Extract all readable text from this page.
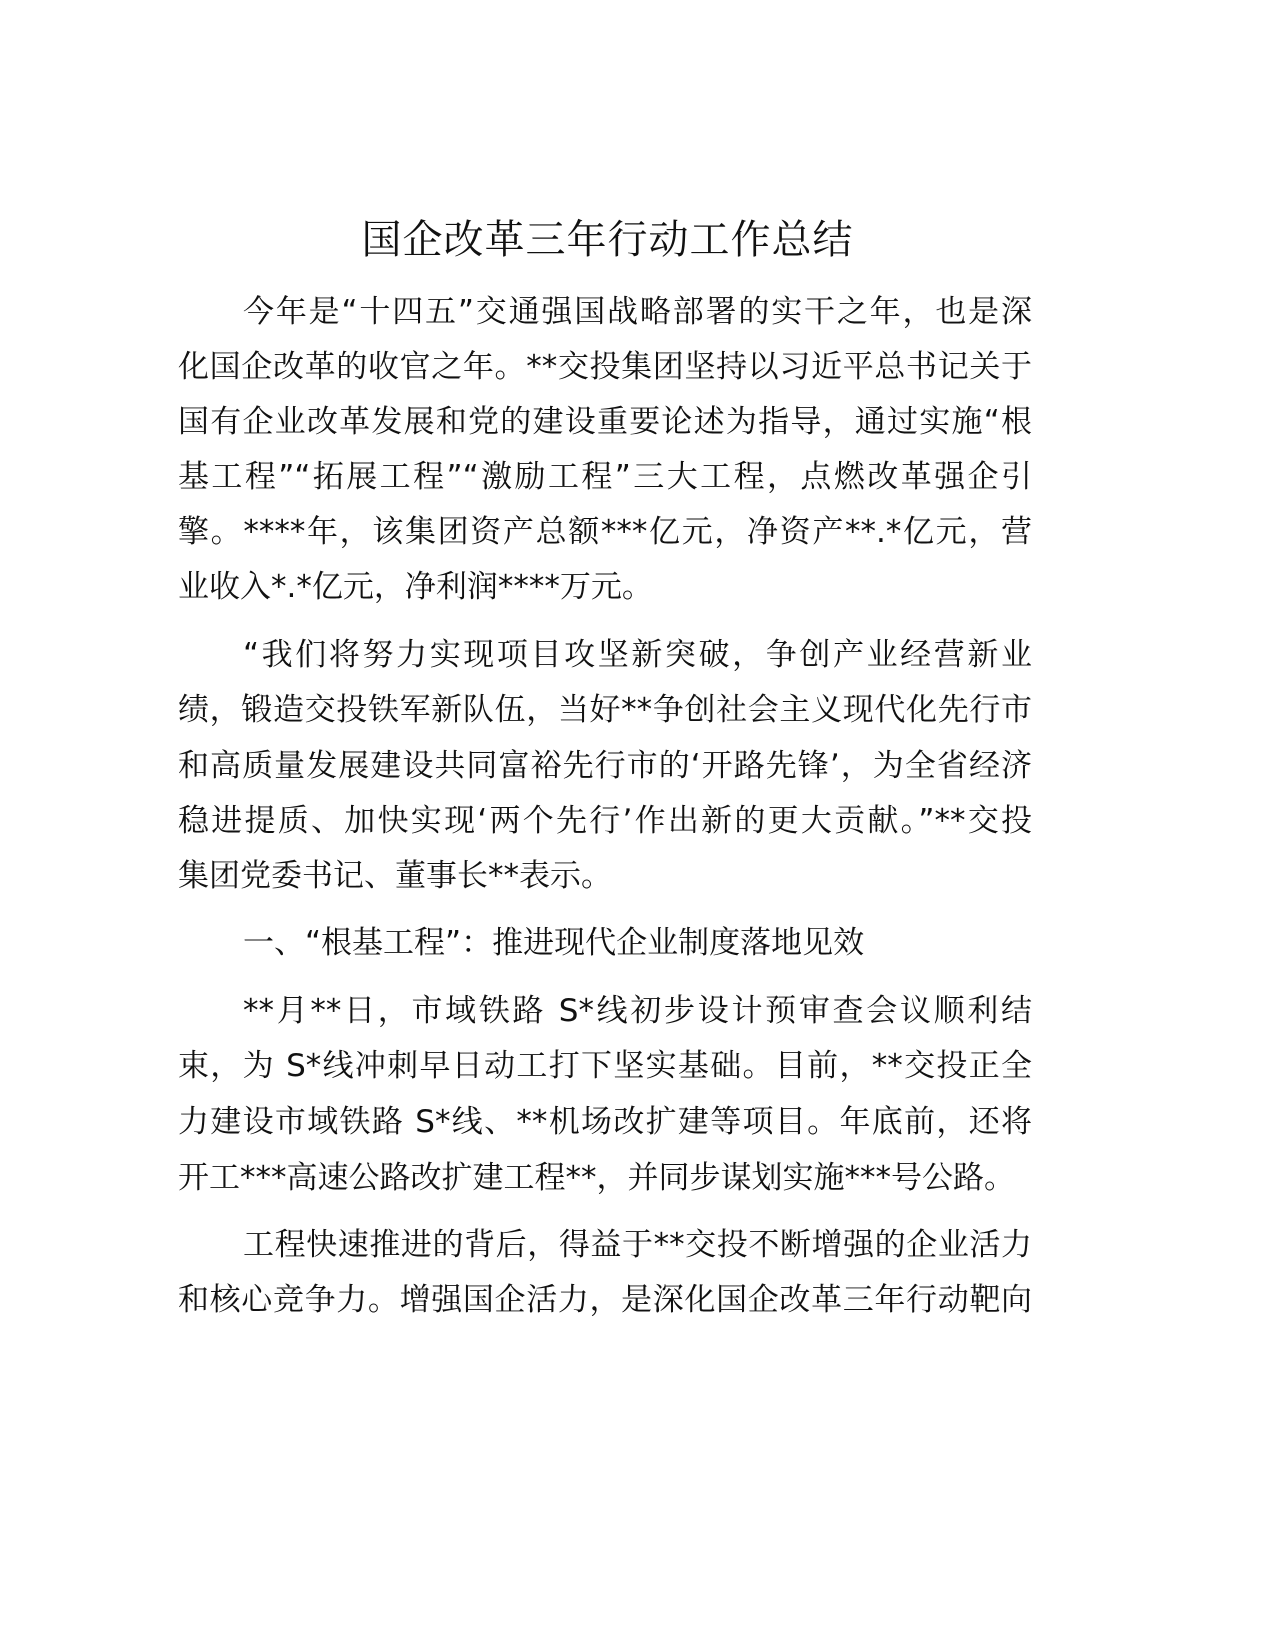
国企改革三年行动工作总结
今年是“十四五”交通强国战略部署的实干之年，也是深
化国企改革的收官之年。**交投集团坚持以习近平总书记关于
国有企业改革发展和党的建设重要论述为指导，通过实施“根
基工程”“拓展工程”“激励工程”三大工程，点燃改革强企引
擎。****年，该集团资产总额***亿元，净资产**.*亿元，营
业收入*.*亿元，净利润****万元。
“我们将努力实现项目攻坚新突破，争创产业经营新业
绩，锻造交投铁军新队伍，当好**争创社会主义现代化先行市
和高质量发展建设共同富裕先行市的‘开路先锋’，为全省经济
稳进提质、加快实现‘两个先行’作出新的更大贡献。”**交投
集团党委书记、董事长**表示。
一、“根基工程”：推进现代企业制度落地见效
**月**日，市域铁路 S*线初步设计预审查会议顺利结
束，为 S*线冲刺早日动工打下坚实基础。目前，**交投正全
力建设市域铁路 S*线、**机场改扩建等项目。年底前，还将
开工***高速公路改扩建工程**，并同步谋划实施***号公路。
工程快速推进的背后，得益于**交投不断增强的企业活力
和核心竞争力。增强国企活力，是深化国企改革三年行动靶向
